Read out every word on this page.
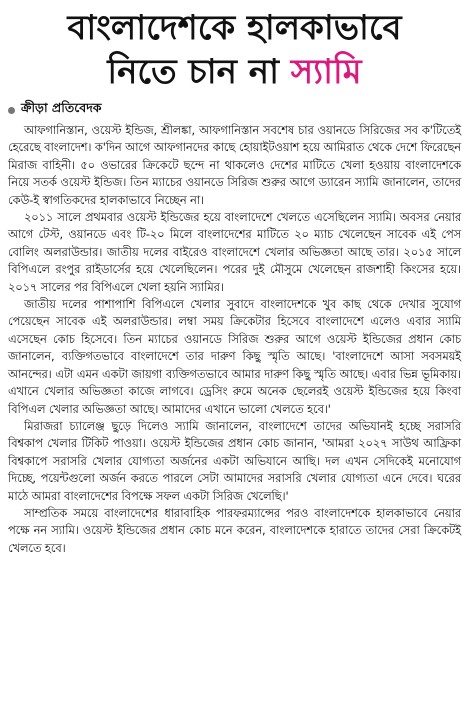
বাংলাদেশকে হালকাভাবে
নিতে চান না স্যামি
ক্রীড়া প্রতিবেদক

আফগানিস্তান, ওয়েস্ট ইন্ডিজ, শ্রীলঙ্কা, আফগানিস্তান সবশেষ চার ওয়ানডে সিরিজের সব ক'টিতেই হেরেছে বাংলাদেশ। ক'দিন আগে আফগানদের কাছে হোয়াইটওয়াশ হয়ে আমিরাত থেকে দেশে ফিরেছেন মিরাজ বাহিনী। ৫০ ওভারের ক্রিকেটে ছন্দে না থাকলেও দেশের মাটিতে খেলা হওয়ায় বাংলাদেশকে নিয়ে সতর্ক ওয়েস্ট ইন্ডিজ। তিন ম্যাচের ওয়ানডে সিরিজ শুরুর আগে ড্যারেন স্যামি জানালেন, তাদের কেউ-ই স্বাগতিকদের হালকাভাবে নিচ্ছেন না।

২০১১ সালে প্রথমবার ওয়েস্ট ইন্ডিজের হয়ে বাংলাদেশে খেলতে এসেছিলেন স্যামি। অবসর নেয়ার আগে টেস্ট, ওয়ানডে এবং টি-২০ মিলে বাংলাদেশের মাটিতে ২০ ম্যাচ খেলেছেন সাবেক এই পেস বোলিং অলরাউন্ডার। জাতীয় দলের বাইরেও বাংলাদেশে খেলার অভিজ্ঞতা আছে তার। ২০১৫ সালে বিপিএলে রংপুর রাইডার্সের হয়ে খেলেছিলেন। পরের দুই মৌসুমে খেলেছেন রাজশাহী কিংসের হয়ে। ২০১৭ সালের পর বিপিএলে খেলা হয়নি স্যামির।

জাতীয় দলের পাশাপাশি বিপিএলে খেলার সুবাদে বাংলাদেশকে খুব কাছ থেকে দেখার সুযোগ পেয়েছেন সাবেক এই অলরাউন্ডার। লম্বা সময় ক্রিকেটার হিসেবে বাংলাদেশে এলেও এবার স্যামি এসেছেন কোচ হিসেবে। তিন ম্যাচের ওয়ানডে সিরিজ শুরুর আগে ওয়েস্ট ইন্ডিজের প্রধান কোচ জানালেন, ব্যক্তিগতভাবে বাংলাদেশে তার দারুণ কিছু স্মৃতি আছে। 'বাংলাদেশে আসা সবসময়ই আনন্দের। এটা এমন একটা জায়গা ব্যক্তিগতভাবে আমার দারুণ কিছু স্মৃতি আছে। এবার ভিন্ন ভূমিকায়। এখানে খেলার অভিজ্ঞতা কাজে লাগবে। ড্রেসিং রুমে অনেক ছেলেরই ওয়েস্ট ইন্ডিজের হয়ে কিংবা বিপিএল খেলার অভিজ্ঞতা আছে। আমাদের এখানে ভালো খেলতে হবে।'

মিরাজরা চ্যালেঞ্জ ছুড়ে দিলেও স্যামি জানালেন, বাংলাদেশে তাদের অভিযানই হচ্ছে সরাসরি বিশ্বকাপ খেলার টিকিট পাওয়া। ওয়েস্ট ইন্ডিজের প্রধান কোচ জানান, 'আমরা ২০২৭ সাউথ আফ্রিকা বিশ্বকাপে সরাসরি খেলার যোগ্যতা অর্জনের একটা অভিযানে আছি। দল এখন সেদিকেই মনোযোগ দিচ্ছে, পয়েন্টগুলো অর্জন করতে পারলে সেটা আমাদের সরাসরি খেলার যোগ্যতা এনে দেবে। ঘরের মাঠে আমরা বাংলাদেশের বিপক্ষে সফল একটা সিরিজ খেলেছি।'

সাম্প্রতিক সময়ে বাংলাদেশের ধারাবাহিক পারফরম্যান্সের পরও বাংলাদেশকে হালকাভাবে নেয়ার পক্ষে নন স্যামি। ওয়েস্ট ইন্ডিজের প্রধান কোচ মনে করেন, বাংলাদেশকে হারাতে তাদের সেরা ক্রিকেটই খেলতে হবে।
